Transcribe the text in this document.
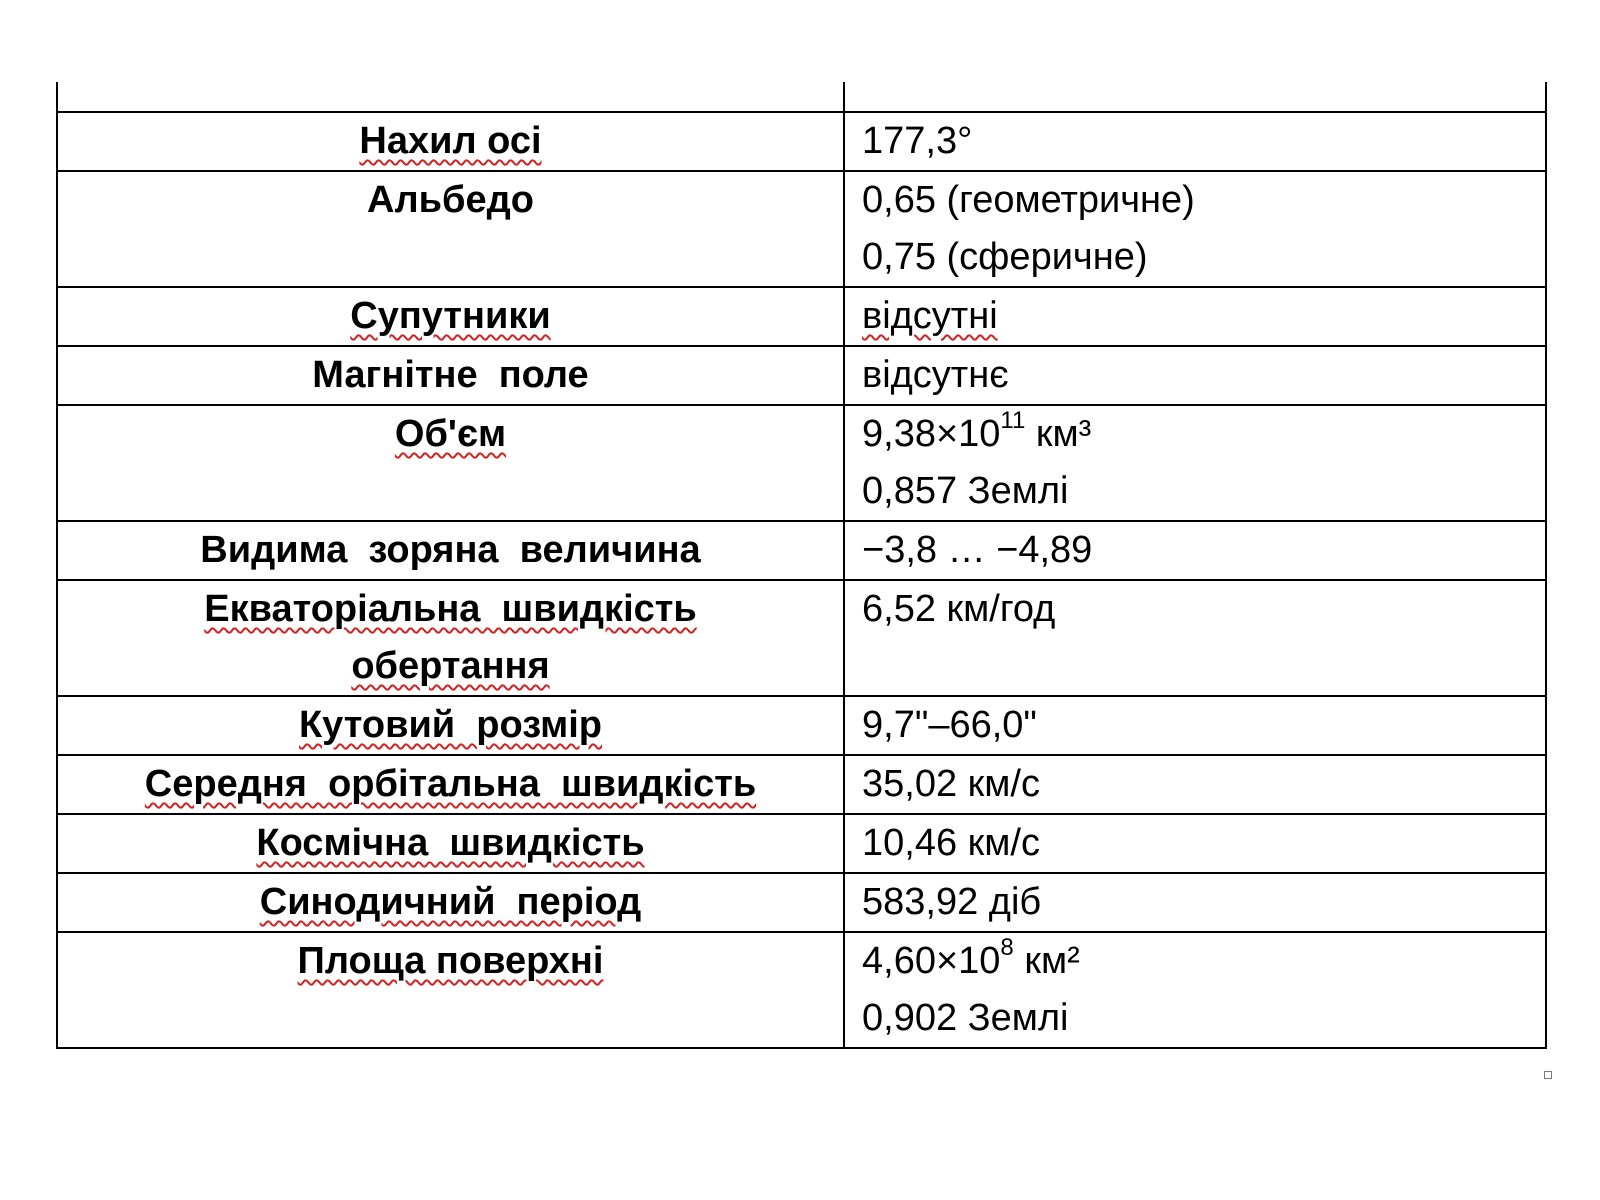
Нахил осі	177,3°

Альбедо	0,65 (геометричне)
0,75 (сферичне)

Супутники	відсутні

Магнітне  поле	відсутнє

Об'єм	$9,38\times 10^{11}$ км³
0,857 Землі

Видима  зоряна  величина	−3,8 … −4,89

Екваторіальна  швидкість
обертання	6,52 км/год

Кутовий  розмір	9,7"–66,0"

Середня  орбітальна  швидкість	35,02 км/с

Космічна  швидкість	10,46 км/с

Синодичний  період	583,92 діб

Площа поверхні	$4,60\times 10^8$ км²
0,902 Землі
